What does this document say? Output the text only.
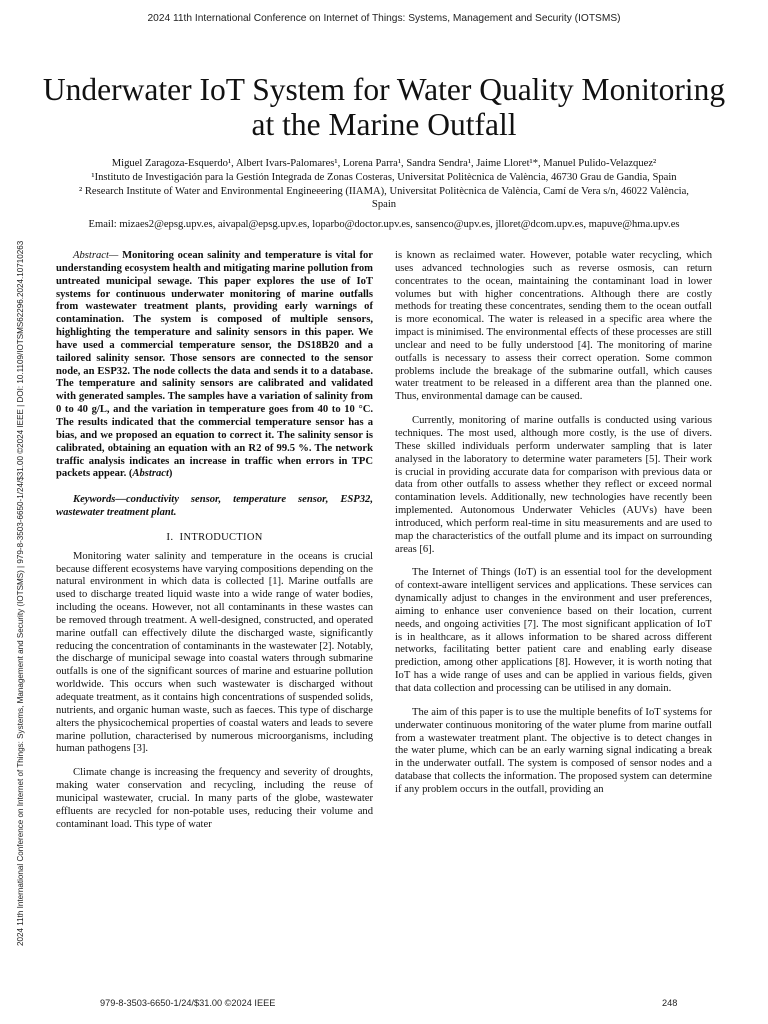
2024 11th International Conference on Internet of Things: Systems, Management and Security (IOTSMS)
2024 11th International Conference on Internet of Things: Systems, Management and Security (IOTSMS) | 979-8-3503-6650-1/24/$31.00 ©2024 IEEE | DOI: 10.1109/IOTSMS62296.2024.10710263
Underwater IoT System for Water Quality Monitoring
at the Marine Outfall

Miguel Zaragoza-Esquerdo¹, Albert Ivars-Palomares¹, Lorena Parra¹, Sandra Sendra¹, Jaime Lloret¹*, Manuel Pulido-Velazquez²

¹Instituto de Investigación para la Gestión Integrada de Zonas Costeras, Universitat Politècnica de València, 46730 Grau de Gandia, Spain

² Research Institute of Water and Environmental Engineeering (IIAMA), Universitat Politècnica de València, Camí de Vera s/n, 46022 València,

Spain

Email: mizaes2@epsg.upv.es, aivapal@epsg.upv.es, loparbo@doctor.upv.es, sansenco@upv.es, jlloret@dcom.upv.es, mapuve@hma.upv.es

Abstract— Monitoring ocean salinity and temperature is vital for understanding ecosystem health and mitigating marine pollution from untreated municipal sewage. This paper explores the use of IoT systems for continuous underwater monitoring of marine outfalls from wastewater treatment plants, providing early warnings of contamination. The system is composed of multiple sensors, highlighting the temperature and salinity sensors in this paper. We have used a commercial temperature sensor, the DS18B20 and a tailored salinity sensor. Those sensors are connected to the sensor node, an ESP32. The node collects the data and sends it to a database. The temperature and salinity sensors are calibrated and validated with generated samples. The samples have a variation of salinity from 0 to 40 g/L, and the variation in temperature goes from 40 to 10 °C. The results indicated that the commercial temperature sensor has a bias, and we proposed an equation to correct it. The salinity sensor is calibrated, obtaining an equation with an R2 of 99.5 %. The network traffic analysis indicates an increase in traffic when errors in TPC packets appear. (Abstract)

Keywords—conductivity sensor, temperature sensor, ESP32, wastewater treatment plant.

I. INTRODUCTION

Monitoring water salinity and temperature in the oceans is crucial because different ecosystems have varying compositions depending on the natural environment in which data is collected [1]. Marine outfalls are used to discharge treated liquid waste into a wide range of water bodies, including the oceans. However, not all contaminants in these wastes can be removed through treatment. A well-designed, constructed, and operated marine outfall can effectively dilute the discharged waste, significantly reducing the concentration of contaminants in the wastewater [2]. Notably, the discharge of municipal sewage into coastal waters through submarine outfalls is one of the significant sources of marine and estuarine pollution worldwide. This occurs when such wastewater is discharged without adequate treatment, as it contains high concentrations of suspended solids, nutrients, and organic human waste, such as faeces. This type of discharge alters the physicochemical properties of coastal waters and leads to severe marine pollution, characterised by numerous microorganisms, including human pathogens [3].

Climate change is increasing the frequency and severity of droughts, making water conservation and recycling, including the reuse of municipal wastewater, crucial. In many parts of the globe, wastewater effluents are recycled for non-potable uses, reducing their volume and contaminant load. This type of water

is known as reclaimed water. However, potable water recycling, which uses advanced technologies such as reverse osmosis, can return concentrates to the ocean, maintaining the contaminant load in lower volumes but with higher concentrations. Although there are costly methods for treating these concentrates, sending them to the ocean outfall is more economical. The water is released in a specific area where the impact is minimised. The environmental effects of these processes are still unclear and need to be fully understood [4]. The monitoring of marine outfalls is necessary to assess their correct operation. Some common problems include the breakage of the submarine outfall, which causes water treatment to be released in a different area than the planned one. Thus, environmental damage can be caused.

Currently, monitoring of marine outfalls is conducted using various techniques. The most used, although more costly, is the use of divers. These skilled individuals perform underwater sampling that is later analysed in the laboratory to determine water parameters [5]. Their work is crucial in providing accurate data for comparison with previous data or data from other outfalls to assess whether they reflect or exceed normal contamination levels. Additionally, new technologies have recently been implemented. Autonomous Underwater Vehicles (AUVs) have been introduced, which perform real-time in situ measurements and are used to map the characteristics of the outfall plume and its impact on surrounding areas [6].

The Internet of Things (IoT) is an essential tool for the development of context-aware intelligent services and applications. These services can dynamically adjust to changes in the environment and user preferences, aiming to enhance user convenience based on their location, current needs, and ongoing activities [7]. The most significant application of IoT is in healthcare, as it allows information to be shared across different networks, facilitating better patient care and enabling early disease prediction, among other applications [8]. However, it is worth noting that IoT has a wide range of uses and can be applied in various fields, given that data collection and processing can be utilised in any domain.

The aim of this paper is to use the multiple benefits of IoT systems for underwater continuous monitoring of the water plume from marine outfall from a wastewater treatment plant. The objective is to detect changes in the water plume, which can be an early warning signal indicating a break in the underwater outfall. The system is composed of sensor nodes and a database that collects the information. The proposed system can determine if any problem occurs in the outfall, providing an

979-8-3503-6650-1/24/$31.00 ©2024 IEEE	248
